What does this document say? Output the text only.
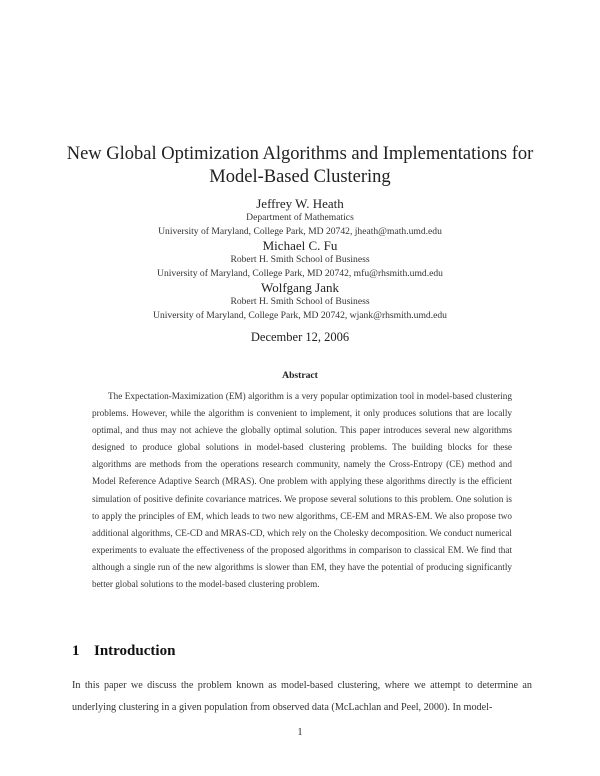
New Global Optimization Algorithms and Implementations for
Model-Based Clustering
Jeffrey W. Heath
Department of Mathematics
University of Maryland, College Park, MD 20742, jheath@math.umd.edu
Michael C. Fu
Robert H. Smith School of Business
University of Maryland, College Park, MD 20742, mfu@rhsmith.umd.edu
Wolfgang Jank
Robert H. Smith School of Business
University of Maryland, College Park, MD 20742, wjank@rhsmith.umd.edu
December 12, 2006
Abstract
The Expectation-Maximization (EM) algorithm is a very popular optimization tool in model-based clustering problems. However, while the algorithm is convenient to implement, it only produces solutions that are locally optimal, and thus may not achieve the globally optimal solution. This paper introduces several new algorithms designed to produce global solutions in model-based clustering problems. The building blocks for these algorithms are methods from the operations research community, namely the Cross-Entropy (CE) method and Model Reference Adaptive Search (MRAS). One problem with applying these algorithms directly is the efficient simulation of positive definite covariance matrices. We propose several solutions to this problem. One solution is to apply the principles of EM, which leads to two new algorithms, CE-EM and MRAS-EM. We also propose two additional algorithms, CE-CD and MRAS-CD, which rely on the Cholesky decomposition. We conduct numerical experiments to evaluate the effectiveness of the proposed algorithms in comparison to classical EM. We find that although a single run of the new algorithms is slower than EM, they have the potential of producing significantly better global solutions to the model-based clustering problem.
1 Introduction
In this paper we discuss the problem known as model-based clustering, where we attempt to determine an underlying clustering in a given population from observed data (McLachlan and Peel, 2000). In model-
1
